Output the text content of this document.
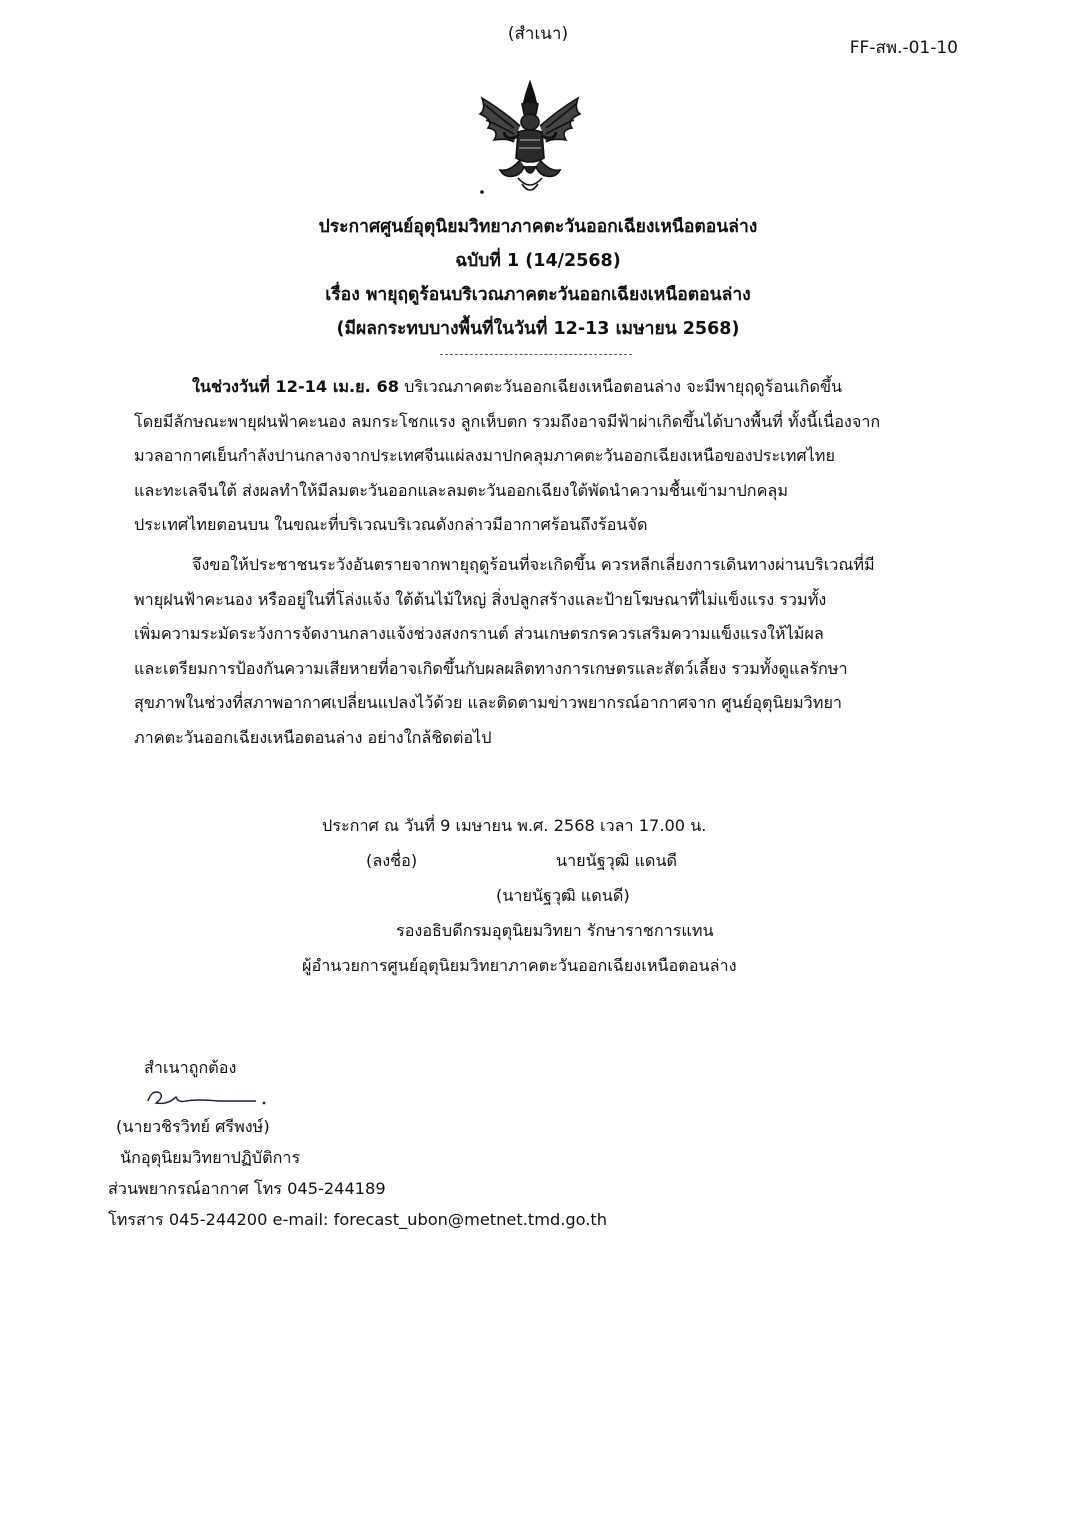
(สำเนา)
FF-สพ.-01-10
ประกาศศูนย์อุตุนิยมวิทยาภาคตะวันออกเฉียงเหนือตอนล่าง
ฉบับที่ 1 (14/2568)
เรื่อง พายุฤดูร้อนบริเวณภาคตะวันออกเฉียงเหนือตอนล่าง
(มีผลกระทบบางพื้นที่ในวันที่ 12-13 เมษายน 2568)
ในช่วงวันที่ 12-14 เม.ย. 68 บริเวณภาคตะวันออกเฉียงเหนือตอนล่าง จะมีพายุฤดูร้อนเกิดขึ้น
โดยมีลักษณะพายุฝนฟ้าคะนอง ลมกระโชกแรง ลูกเห็บตก รวมถึงอาจมีฟ้าผ่าเกิดขึ้นได้บางพื้นที่ ทั้งนี้เนื่องจาก
มวลอากาศเย็นกำลังปานกลางจากประเทศจีนแผ่ลงมาปกคลุมภาคตะวันออกเฉียงเหนือของประเทศไทย
และทะเลจีนใต้ ส่งผลทำให้มีลมตะวันออกและลมตะวันออกเฉียงใต้พัดนำความชื้นเข้ามาปกคลุม
ประเทศไทยตอนบน ในขณะที่บริเวณบริเวณดังกล่าวมีอากาศร้อนถึงร้อนจัด
จึงขอให้ประชาชนระวังอันตรายจากพายุฤดูร้อนที่จะเกิดขึ้น ควรหลีกเลี่ยงการเดินทางผ่านบริเวณที่มี
พายุฝนฟ้าคะนอง หรืออยู่ในที่โล่งแจ้ง ใต้ต้นไม้ใหญ่ สิ่งปลูกสร้างและป้ายโฆษณาที่ไม่แข็งแรง รวมทั้ง
เพิ่มความระมัดระวังการจัดงานกลางแจ้งช่วงสงกรานต์ ส่วนเกษตรกรควรเสริมความแข็งแรงให้ไม้ผล
และเตรียมการป้องกันความเสียหายที่อาจเกิดขึ้นกับผลผลิตทางการเกษตรและสัตว์เลี้ยง รวมทั้งดูแลรักษา
สุขภาพในช่วงที่สภาพอากาศเปลี่ยนแปลงไว้ด้วย และติดตามข่าวพยากรณ์อากาศจาก ศูนย์อุตุนิยมวิทยา
ภาคตะวันออกเฉียงเหนือตอนล่าง อย่างใกล้ชิดต่อไป
ประกาศ ณ วันที่ 9 เมษายน พ.ศ. 2568 เวลา 17.00 น.
(ลงชื่อ)	นายนัฐวุฒิ แดนดี
(นายนัฐวุฒิ แดนดี)
รองอธิบดีกรมอุตุนิยมวิทยา รักษาราชการแทน
ผู้อำนวยการศูนย์อุตุนิยมวิทยาภาคตะวันออกเฉียงเหนือตอนล่าง
สำเนาถูกต้อง
(นายวชิรวิทย์ ศรีพงษ์)
นักอุตุนิยมวิทยาปฏิบัติการ
ส่วนพยากรณ์อากาศ โทร 045-244189
โทรสาร 045-244200 e-mail: forecast_ubon@metnet.tmd.go.th
